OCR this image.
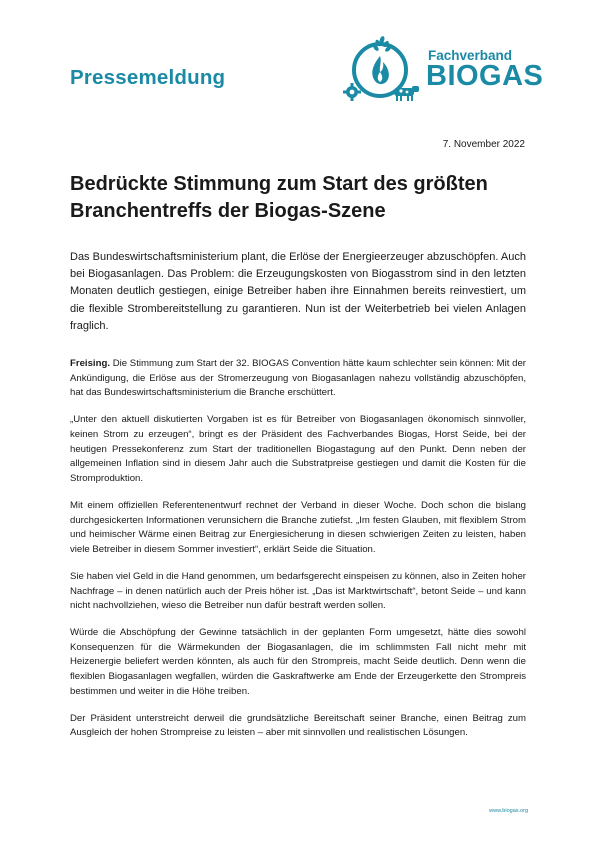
Pressemeldung
Fachverband
BIOGAS
7. November 2022
Bedrückte Stimmung zum Start des größten Branchentreffs der Biogas-Szene
Das Bundeswirtschaftsministerium plant, die Erlöse der Energieerzeuger abzuschöpfen. Auch bei Biogasanlagen. Das Problem: die Erzeugungskosten von Biogasstrom sind in den letzten Monaten deutlich gestiegen, einige Betreiber haben ihre Einnahmen bereits reinvestiert, um die flexible Strombereitstellung zu garantieren. Nun ist der Weiterbetrieb bei vielen Anlagen fraglich.

Freising. Die Stimmung zum Start der 32. BIOGAS Convention hätte kaum schlechter sein können: Mit der Ankündigung, die Erlöse aus der Stromerzeugung von Biogasanlagen nahezu vollständig abzuschöpfen, hat das Bundeswirtschaftsministerium die Branche erschüttert.

„Unter den aktuell diskutierten Vorgaben ist es für Betreiber von Biogasanlagen ökonomisch sinnvoller, keinen Strom zu erzeugen“, bringt es der Präsident des Fachverbandes Biogas, Horst Seide, bei der heutigen Pressekonferenz zum Start der traditionellen Biogastagung auf den Punkt. Denn neben der allgemeinen Inflation sind in diesem Jahr auch die Substratpreise gestiegen und damit die Kosten für die Stromproduktion.

Mit einem offiziellen Referentenentwurf rechnet der Verband in dieser Woche. Doch schon die bislang durchgesickerten Informationen verunsichern die Branche zutiefst. „Im festen Glauben, mit flexiblem Strom und heimischer Wärme einen Beitrag zur Energiesicherung in diesen schwierigen Zeiten zu leisten, haben viele Betreiber in diesem Sommer investiert“, erklärt Seide die Situation.

Sie haben viel Geld in die Hand genommen, um bedarfsgerecht einspeisen zu können, also in Zeiten hoher Nachfrage – in denen natürlich auch der Preis höher ist. „Das ist Marktwirtschaft“, betont Seide – und kann nicht nachvollziehen, wieso die Betreiber nun dafür bestraft werden sollen.

Würde die Abschöpfung der Gewinne tatsächlich in der geplanten Form umgesetzt, hätte dies sowohl Konsequenzen für die Wärmekunden der Biogasanlagen, die im schlimmsten Fall nicht mehr mit Heizenergie beliefert werden könnten, als auch für den Strompreis, macht Seide deutlich. Denn wenn die flexiblen Biogasanlagen wegfallen, würden die Gaskraftwerke am Ende der Erzeugerkette den Strompreis bestimmen und weiter in die Höhe treiben.

Der Präsident unterstreicht derweil die grundsätzliche Bereitschaft seiner Branche, einen Beitrag zum Ausgleich der hohen Strompreise zu leisten – aber mit sinnvollen und realistischen Lösungen.

www.biogas.org
